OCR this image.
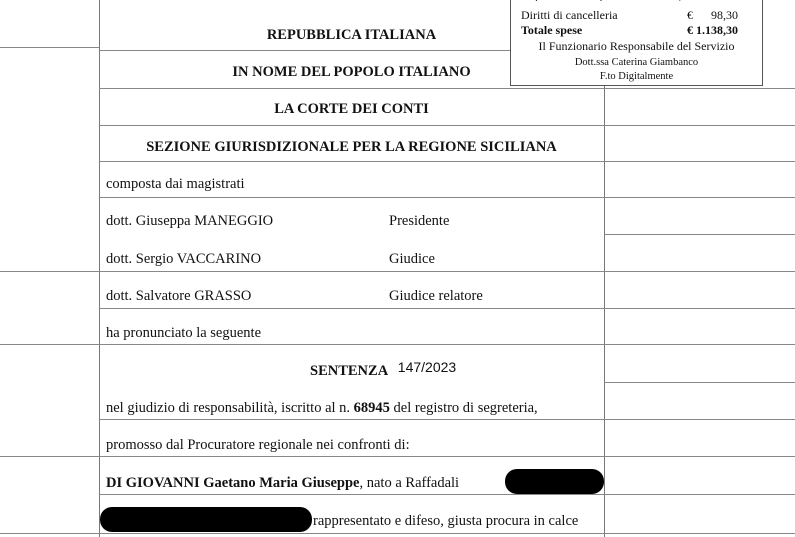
REPUBBLICA ITALIANA
IN NOME DEL POPOLO ITALIANO
LA CORTE DEI CONTI
SEZIONE GIURISDIZIONALE PER LA REGIONE SICILIANA
composta dai magistrati
dott. Giuseppa MANEGGIO	Presidente
dott. Sergio VACCARINO	Giudice
dott. Salvatore GRASSO	Giudice relatore
ha pronunciato la seguente
SENTENZA 147/2023
nel giudizio di responsabilità, iscritto al n. 68945 del registro di segreteria,
promosso dal Procuratore regionale nei confronti di:
DI GIOVANNI Gaetano Maria Giuseppe, nato a Raffadali
rappresentato e difeso, giusta procura in calce
Diritti di cancelleria	€ 98,30
Totale spese	€ 1.138,30
Il Funzionario Responsabile del Servizio
Dott.ssa Caterina Giambanco
F.to Digitalmente
